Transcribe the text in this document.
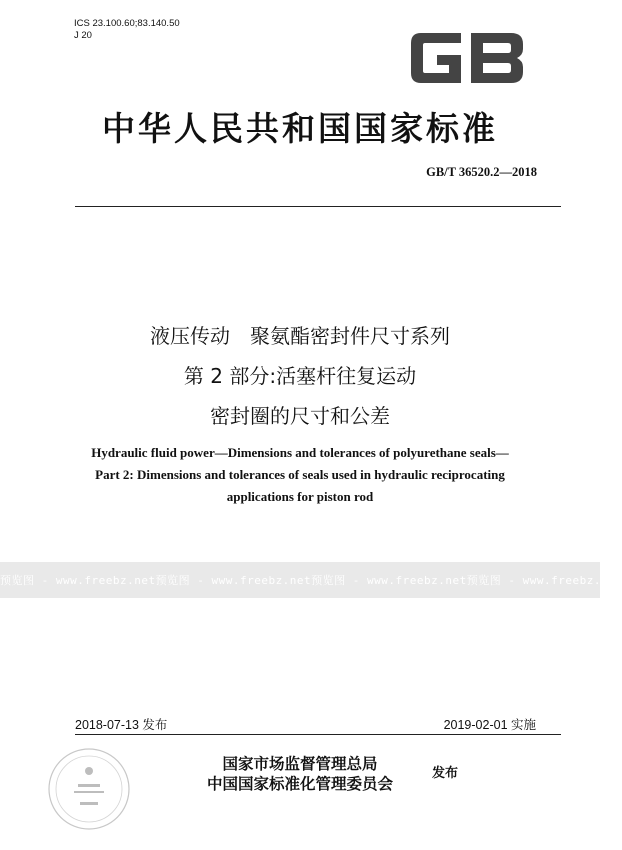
ICS 23.100.60;83.140.50
J 20
GB
中华人民共和国国家标准
GB/T 36520.2—2018
液压传动　聚氨酯密封件尺寸系列
第 2 部分:活塞杆往复运动
密封圈的尺寸和公差
Hydraulic fluid power—Dimensions and tolerances of polyurethane seals—
Part 2: Dimensions and tolerances of seals used in hydraulic reciprocating
applications for piston rod
预览图 - www.freebz.net 预览图 - www.freebz.net 预览图 - www.freebz.net 预览图 - www.freebz.net
2018-07-13 发布	2019-02-01 实施
国家市场监督管理总局
中国国家标准化管理委员会
发布
